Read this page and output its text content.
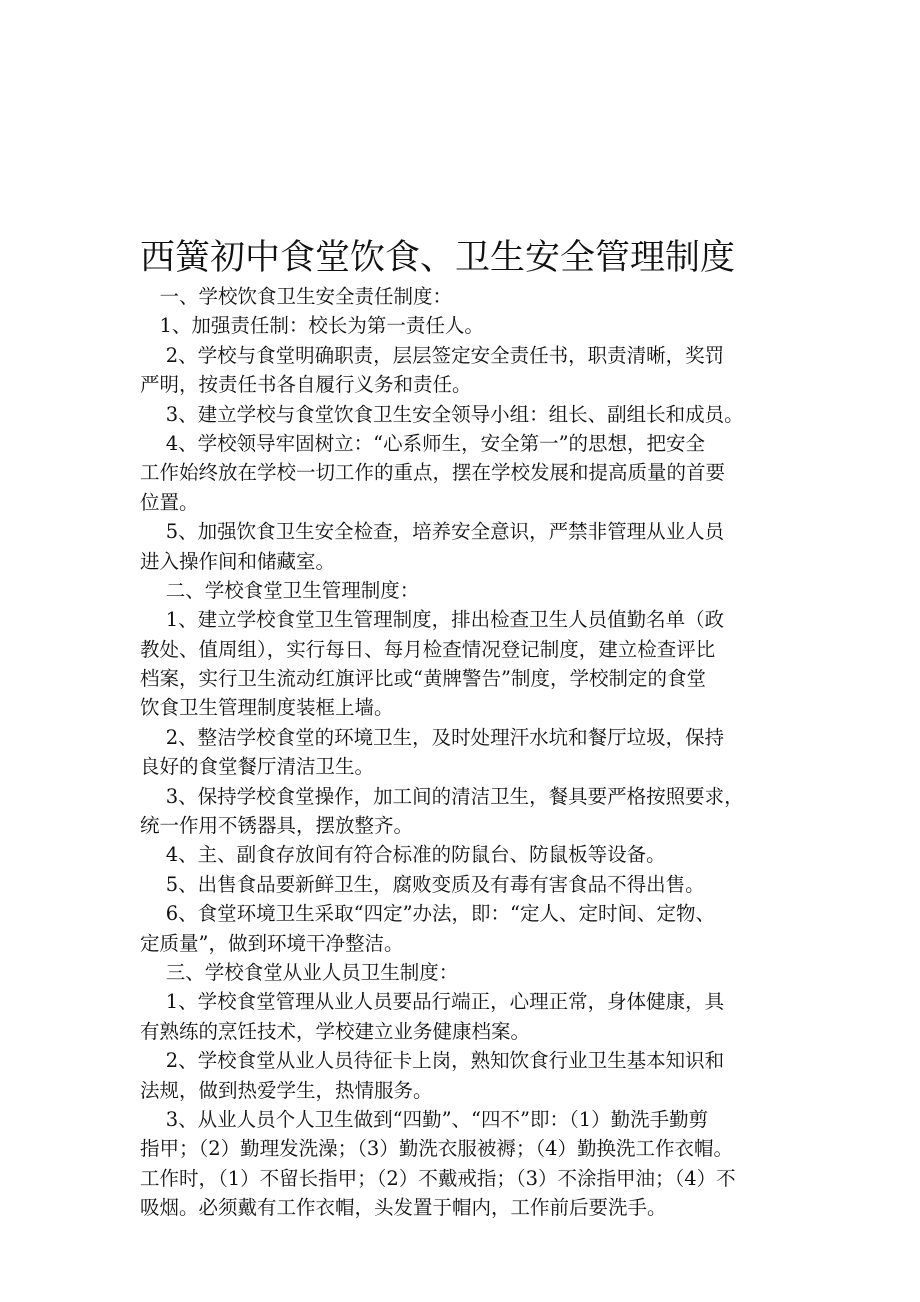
西簧初中食堂饮食、卫生安全管理制度
　一、学校饮食卫生安全责任制度：
　1、加强责任制：校长为第一责任人。
　 2、学校与食堂明确职责，层层签定安全责任书，职责清晰，奖罚
严明，按责任书各自履行义务和责任。
　 3、建立学校与食堂饮食卫生安全领导小组：组长、副组长和成员。
　 4、学校领导牢固树立：“心系师生，安全第一”的思想，把安全
工作始终放在学校一切工作的重点，摆在学校发展和提高质量的首要
位置。
　 5、加强饮食卫生安全检查，培养安全意识，严禁非管理从业人员
进入操作间和储藏室。
　 二、学校食堂卫生管理制度：
　 1、建立学校食堂卫生管理制度，排出检查卫生人员值勤名单（政
教处、值周组），实行每日、每月检查情况登记制度，建立检查评比
档案，实行卫生流动红旗评比或“黄牌警告”制度，学校制定的食堂
饮食卫生管理制度装框上墙。
　 2、整洁学校食堂的环境卫生，及时处理汗水坑和餐厅垃圾，保持
良好的食堂餐厅清洁卫生。
　 3、保持学校食堂操作，加工间的清洁卫生，餐具要严格按照要求，
统一作用不锈器具，摆放整齐。
　 4、主、副食存放间有符合标准的防鼠台、防鼠板等设备。
　 5、出售食品要新鲜卫生，腐败变质及有毒有害食品不得出售。
　 6、食堂环境卫生采取“四定”办法，即：“定人、定时间、定物、
定质量”，做到环境干净整洁。
　 三、学校食堂从业人员卫生制度：
　 1、学校食堂管理从业人员要品行端正，心理正常，身体健康，具
有熟练的烹饪技术，学校建立业务健康档案。
　 2、学校食堂从业人员待征卡上岗，熟知饮食行业卫生基本知识和
法规，做到热爱学生，热情服务。
　 3、从业人员个人卫生做到“四勤”、“四不”即：（1）勤洗手勤剪
指甲；（2）勤理发洗澡；（3）勤洗衣服被褥；（4）勤换洗工作衣帽。
工作时，（1）不留长指甲；（2）不戴戒指；（3）不涂指甲油；（4）不
吸烟。必须戴有工作衣帽，头发置于帽内，工作前后要洗手。
